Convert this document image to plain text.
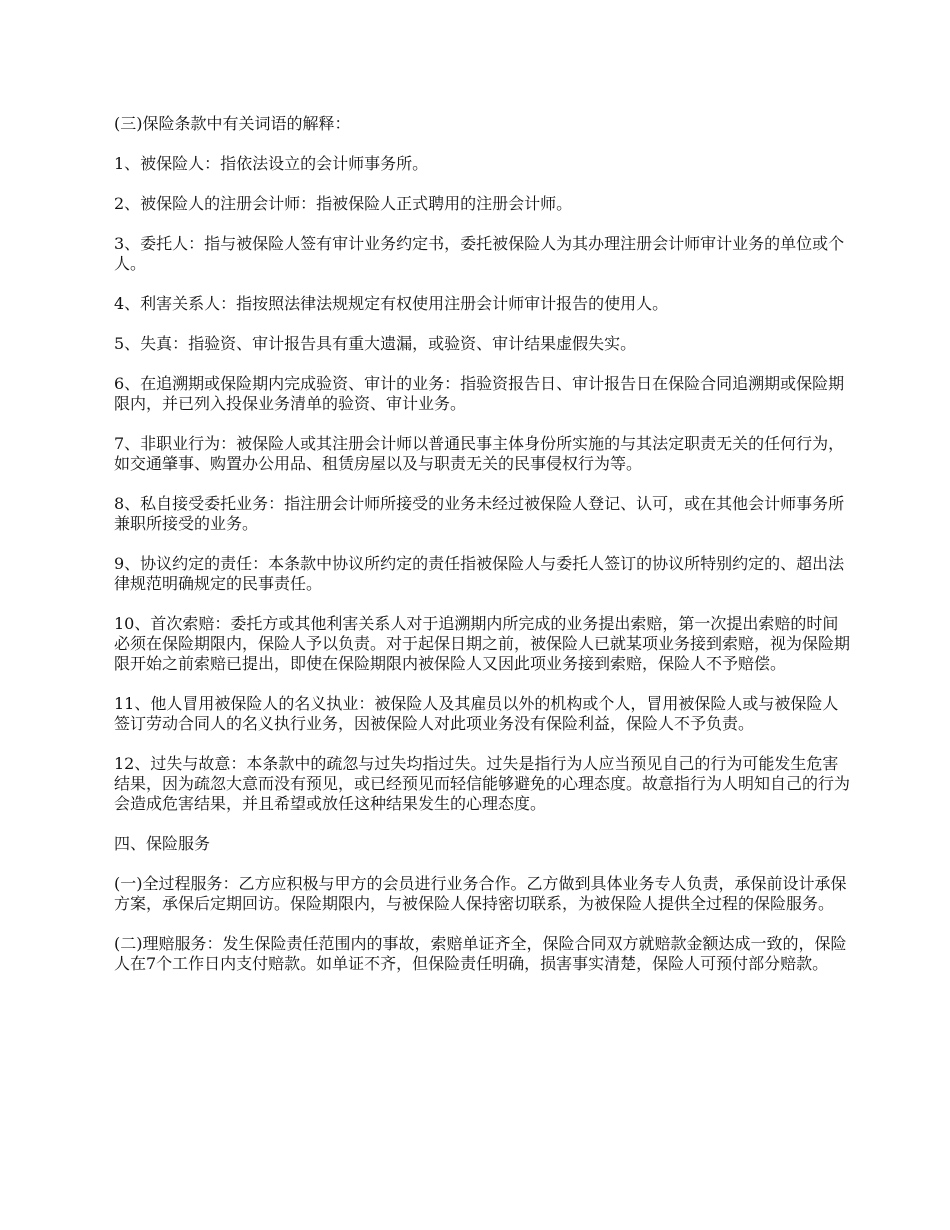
(三)保险条款中有关词语的解释：

1、被保险人：指依法设立的会计师事务所。

2、被保险人的注册会计师：指被保险人正式聘用的注册会计师。

3、委托人：指与被保险人签有审计业务约定书，委托被保险人为其办理注册会计师审计业务的单位或个人。

4、利害关系人：指按照法律法规规定有权使用注册会计师审计报告的使用人。

5、失真：指验资、审计报告具有重大遗漏，或验资、审计结果虚假失实。

6、在追溯期或保险期内完成验资、审计的业务：指验资报告日、审计报告日在保险合同追溯期或保险期限内，并已列入投保业务清单的验资、审计业务。

7、非职业行为：被保险人或其注册会计师以普通民事主体身份所实施的与其法定职责无关的任何行为，如交通肇事、购置办公用品、租赁房屋以及与职责无关的民事侵权行为等。

8、私自接受委托业务：指注册会计师所接受的业务未经过被保险人登记、认可，或在其他会计师事务所兼职所接受的业务。

9、协议约定的责任：本条款中协议所约定的责任指被保险人与委托人签订的协议所特别约定的、超出法律规范明确规定的民事责任。

10、首次索赔：委托方或其他利害关系人对于追溯期内所完成的业务提出索赔，第一次提出索赔的时间必须在保险期限内，保险人予以负责。对于起保日期之前，被保险人已就某项业务接到索赔，视为保险期限开始之前索赔已提出，即使在保险期限内被保险人又因此项业务接到索赔，保险人不予赔偿。

11、他人冒用被保险人的名义执业：被保险人及其雇员以外的机构或个人，冒用被保险人或与被保险人签订劳动合同人的名义执行业务，因被保险人对此项业务没有保险利益，保险人不予负责。

12、过失与故意：本条款中的疏忽与过失均指过失。过失是指行为人应当预见自己的行为可能发生危害结果，因为疏忽大意而没有预见，或已经预见而轻信能够避免的心理态度。故意指行为人明知自己的行为会造成危害结果，并且希望或放任这种结果发生的心理态度。

四、保险服务

(一)全过程服务：乙方应积极与甲方的会员进行业务合作。乙方做到具体业务专人负责，承保前设计承保方案，承保后定期回访。保险期限内，与被保险人保持密切联系，为被保险人提供全过程的保险服务。

(二)理赔服务：发生保险责任范围内的事故，索赔单证齐全，保险合同双方就赔款金额达成一致的，保险人在7个工作日内支付赔款。如单证不齐，但保险责任明确，损害事实清楚，保险人可预付部分赔款。
